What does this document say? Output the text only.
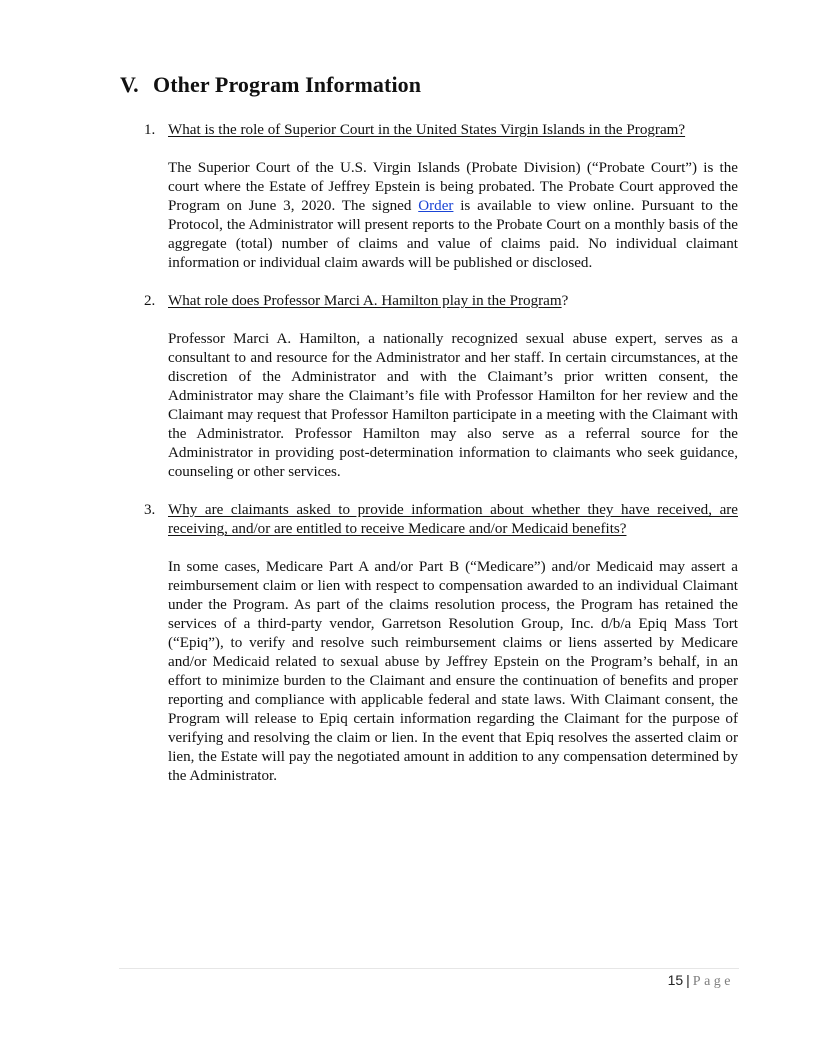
V. Other Program Information
1. What is the role of Superior Court in the United States Virgin Islands in the Program?

The Superior Court of the U.S. Virgin Islands (Probate Division) (“Probate Court”) is the court where the Estate of Jeffrey Epstein is being probated. The Probate Court approved the Program on June 3, 2020. The signed Order is available to view online. Pursuant to the Protocol, the Administrator will present reports to the Probate Court on a monthly basis of the aggregate (total) number of claims and value of claims paid. No individual claimant information or individual claim awards will be published or disclosed.

2. What role does Professor Marci A. Hamilton play in the Program?

Professor Marci A. Hamilton, a nationally recognized sexual abuse expert, serves as a consultant to and resource for the Administrator and her staff. In certain circumstances, at the discretion of the Administrator and with the Claimant’s prior written consent, the Administrator may share the Claimant’s file with Professor Hamilton for her review and the Claimant may request that Professor Hamilton participate in a meeting with the Claimant with the Administrator. Professor Hamilton may also serve as a referral source for the Administrator in providing post-determination information to claimants who seek guidance, counseling or other services.

3. Why are claimants asked to provide information about whether they have received, are receiving, and/or are entitled to receive Medicare and/or Medicaid benefits?

In some cases, Medicare Part A and/or Part B (“Medicare”) and/or Medicaid may assert a reimbursement claim or lien with respect to compensation awarded to an individual Claimant under the Program. As part of the claims resolution process, the Program has retained the services of a third-party vendor, Garretson Resolution Group, Inc. d/b/a Epiq Mass Tort (“Epiq”), to verify and resolve such reimbursement claims or liens asserted by Medicare and/or Medicaid related to sexual abuse by Jeffrey Epstein on the Program’s behalf, in an effort to minimize burden to the Claimant and ensure the continuation of benefits and proper reporting and compliance with applicable federal and state laws. With Claimant consent, the Program will release to Epiq certain information regarding the Claimant for the purpose of verifying and resolving the claim or lien. In the event that Epiq resolves the asserted claim or lien, the Estate will pay the negotiated amount in addition to any compensation determined by the Administrator.

15 | Page
